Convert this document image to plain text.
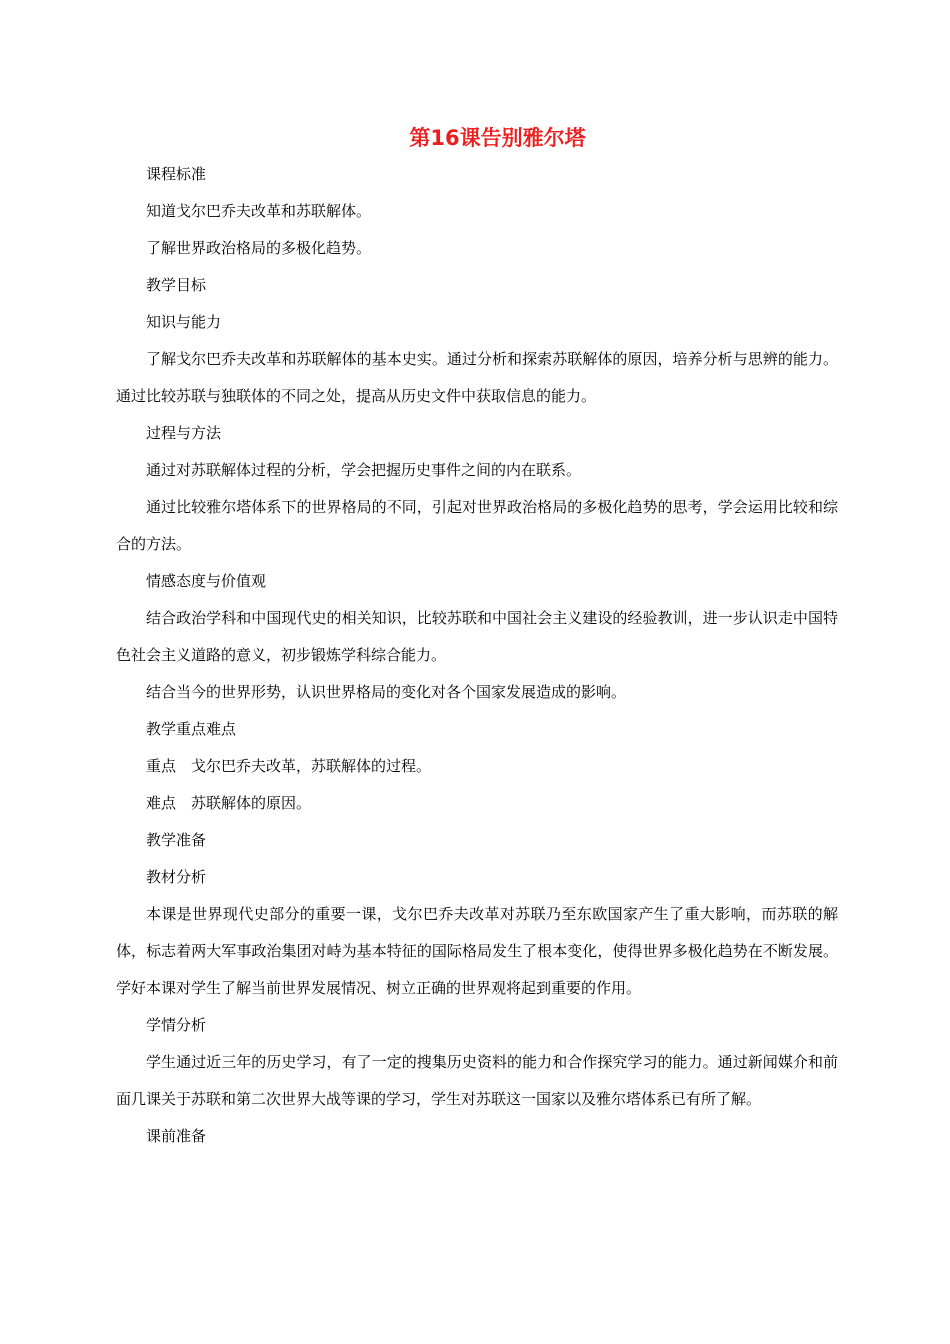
第16课告别雅尔塔

课程标准

知道戈尔巴乔夫改革和苏联解体。

了解世界政治格局的多极化趋势。

教学目标

知识与能力

了解戈尔巴乔夫改革和苏联解体的基本史实。通过分析和探索苏联解体的原因，培养分析与思辨的能力。通过比较苏联与独联体的不同之处，提高从历史文件中获取信息的能力。

过程与方法

通过对苏联解体过程的分析，学会把握历史事件之间的内在联系。

通过比较雅尔塔体系下的世界格局的不同，引起对世界政治格局的多极化趋势的思考，学会运用比较和综合的方法。

情感态度与价值观

结合政治学科和中国现代史的相关知识，比较苏联和中国社会主义建设的经验教训，进一步认识走中国特色社会主义道路的意义，初步锻炼学科综合能力。

结合当今的世界形势，认识世界格局的变化对各个国家发展造成的影响。

教学重点难点

重点 戈尔巴乔夫改革，苏联解体的过程。

难点 苏联解体的原因。

教学准备

教材分析

本课是世界现代史部分的重要一课，戈尔巴乔夫改革对苏联乃至东欧国家产生了重大影响，而苏联的解体，标志着两大军事政治集团对峙为基本特征的国际格局发生了根本变化，使得世界多极化趋势在不断发展。学好本课对学生了解当前世界发展情况、树立正确的世界观将起到重要的作用。

学情分析

学生通过近三年的历史学习，有了一定的搜集历史资料的能力和合作探究学习的能力。通过新闻媒介和前面几课关于苏联和第二次世界大战等课的学习，学生对苏联这一国家以及雅尔塔体系已有所了解。

课前准备
